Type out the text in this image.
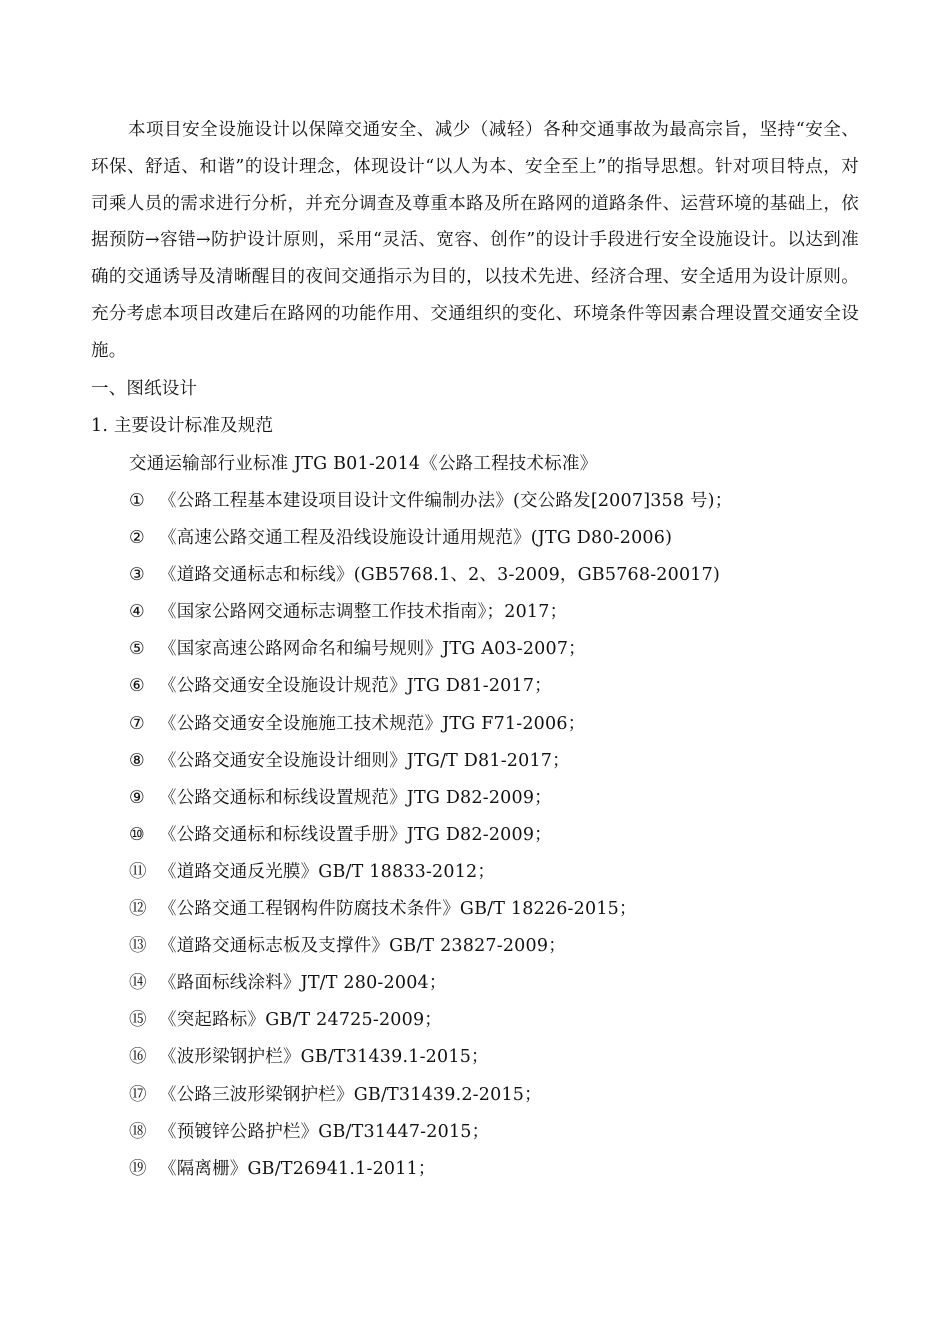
本项目安全设施设计以保障交通安全、减少（减轻）各种交通事故为最高宗旨，坚持“安全、环保、舒适、和谐”的设计理念，体现设计“以人为本、安全至上”的指导思想。针对项目特点，对司乘人员的需求进行分析，并充分调查及尊重本路及所在路网的道路条件、运营环境的基础上，依据预防→容错→防护设计原则，采用“灵活、宽容、创作”的设计手段进行安全设施设计。以达到准确的交通诱导及清晰醒目的夜间交通指示为目的，以技术先进、经济合理、安全适用为设计原则。充分考虑本项目改建后在路网的功能作用、交通组织的变化、环境条件等因素合理设置交通安全设施。

一、图纸设计
1. 主要设计标准及规范
交通运输部行业标准 JTG B01-2014《公路工程技术标准》
① 《公路工程基本建设项目设计文件编制办法》(交公路发[2007]358 号)；
② 《高速公路交通工程及沿线设施设计通用规范》(JTG D80-2006)
③ 《道路交通标志和标线》(GB5768.1、2、3-2009，GB5768-20017)
④ 《国家公路网交通标志调整工作技术指南》；2017；
⑤ 《国家高速公路网命名和编号规则》JTG A03-2007；
⑥ 《公路交通安全设施设计规范》JTG D81-2017；
⑦ 《公路交通安全设施施工技术规范》JTG F71-2006；
⑧ 《公路交通安全设施设计细则》JTG/T D81-2017；
⑨ 《公路交通标和标线设置规范》JTG D82-2009；
⑩ 《公路交通标和标线设置手册》JTG D82-2009；
⑪ 《道路交通反光膜》GB/T 18833-2012；
⑫ 《公路交通工程钢构件防腐技术条件》GB/T 18226-2015；
⑬ 《道路交通标志板及支撑件》GB/T 23827-2009；
⑭ 《路面标线涂料》JT/T 280-2004；
⑮ 《突起路标》GB/T 24725-2009；
⑯ 《波形梁钢护栏》GB/T31439.1-2015；
⑰ 《公路三波形梁钢护栏》GB/T31439.2-2015；
⑱ 《预镀锌公路护栏》GB/T31447-2015；
⑲ 《隔离栅》GB/T26941.1-2011；
